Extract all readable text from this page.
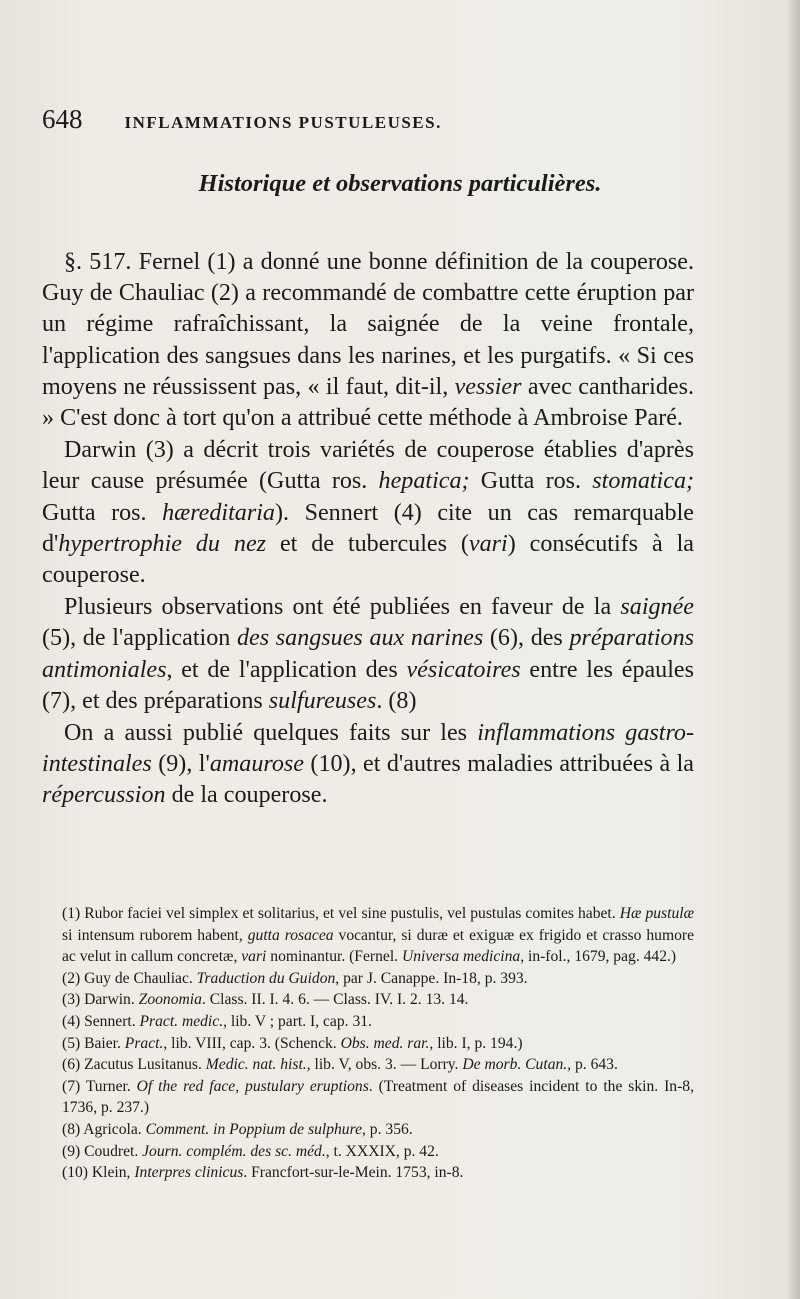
648 INFLAMMATIONS PUSTULEUSES.
Historique et observations particulières.

§. 517. Fernel (1) a donné une bonne définition de la couperose. Guy de Chauliac (2) a recommandé de combattre cette éruption par un régime rafraîchissant, la saignée de la veine frontale, l'application des sangsues dans les narines, et les purgatifs. « Si ces moyens ne réussissent pas, « il faut, dit-il, vessier avec cantharides. » C'est donc à tort qu'on a attribué cette méthode à Ambroise Paré.

Darwin (3) a décrit trois variétés de couperose établies d'après leur cause présumée (Gutta ros. hepatica; Gutta ros. stomatica; Gutta ros. hæreditaria). Sennert (4) cite un cas remarquable d'hypertrophie du nez et de tubercules (vari) consécutifs à la couperose.

Plusieurs observations ont été publiées en faveur de la saignée (5), de l'application des sangsues aux narines (6), des préparations antimoniales, et de l'application des vésicatoires entre les épaules (7), et des préparations sulfureuses. (8)

On a aussi publié quelques faits sur les inflammations gastro-intestinales (9), l'amaurose (10), et d'autres maladies attribuées à la répercussion de la couperose.

(1) Rubor faciei vel simplex et solitarius, et vel sine pustulis, vel pustulas comites habet. Hæ pustulæ si intensum ruborem habent, gutta rosacea vocantur, si duræ et exiguæ ex frigido et crasso humore ac velut in callum concretæ, vari nominantur. (Fernel. Universa medicina, in-fol., 1679, pag. 442.)

(2) Guy de Chauliac. Traduction du Guidon, par J. Canappe. In-18, p. 393.

(3) Darwin. Zoonomia. Class. II. I. 4. 6. — Class. IV. I. 2. 13. 14.

(4) Sennert. Pract. medic., lib. V ; part. I, cap. 31.

(5) Baier. Pract., lib. VIII, cap. 3. (Schenck. Obs. med. rar., lib. I, p. 194.)

(6) Zacutus Lusitanus. Medic. nat. hist., lib. V, obs. 3. — Lorry. De morb. Cutan., p. 643.

(7) Turner. Of the red face, pustulary eruptions. (Treatment of diseases incident to the skin. In-8, 1736, p. 237.)

(8) Agricola. Comment. in Poppium de sulphure, p. 356.

(9) Coudret. Journ. complém. des sc. méd., t. XXXIX, p. 42.

(10) Klein, Interpres clinicus. Francfort-sur-le-Mein. 1753, in-8.
